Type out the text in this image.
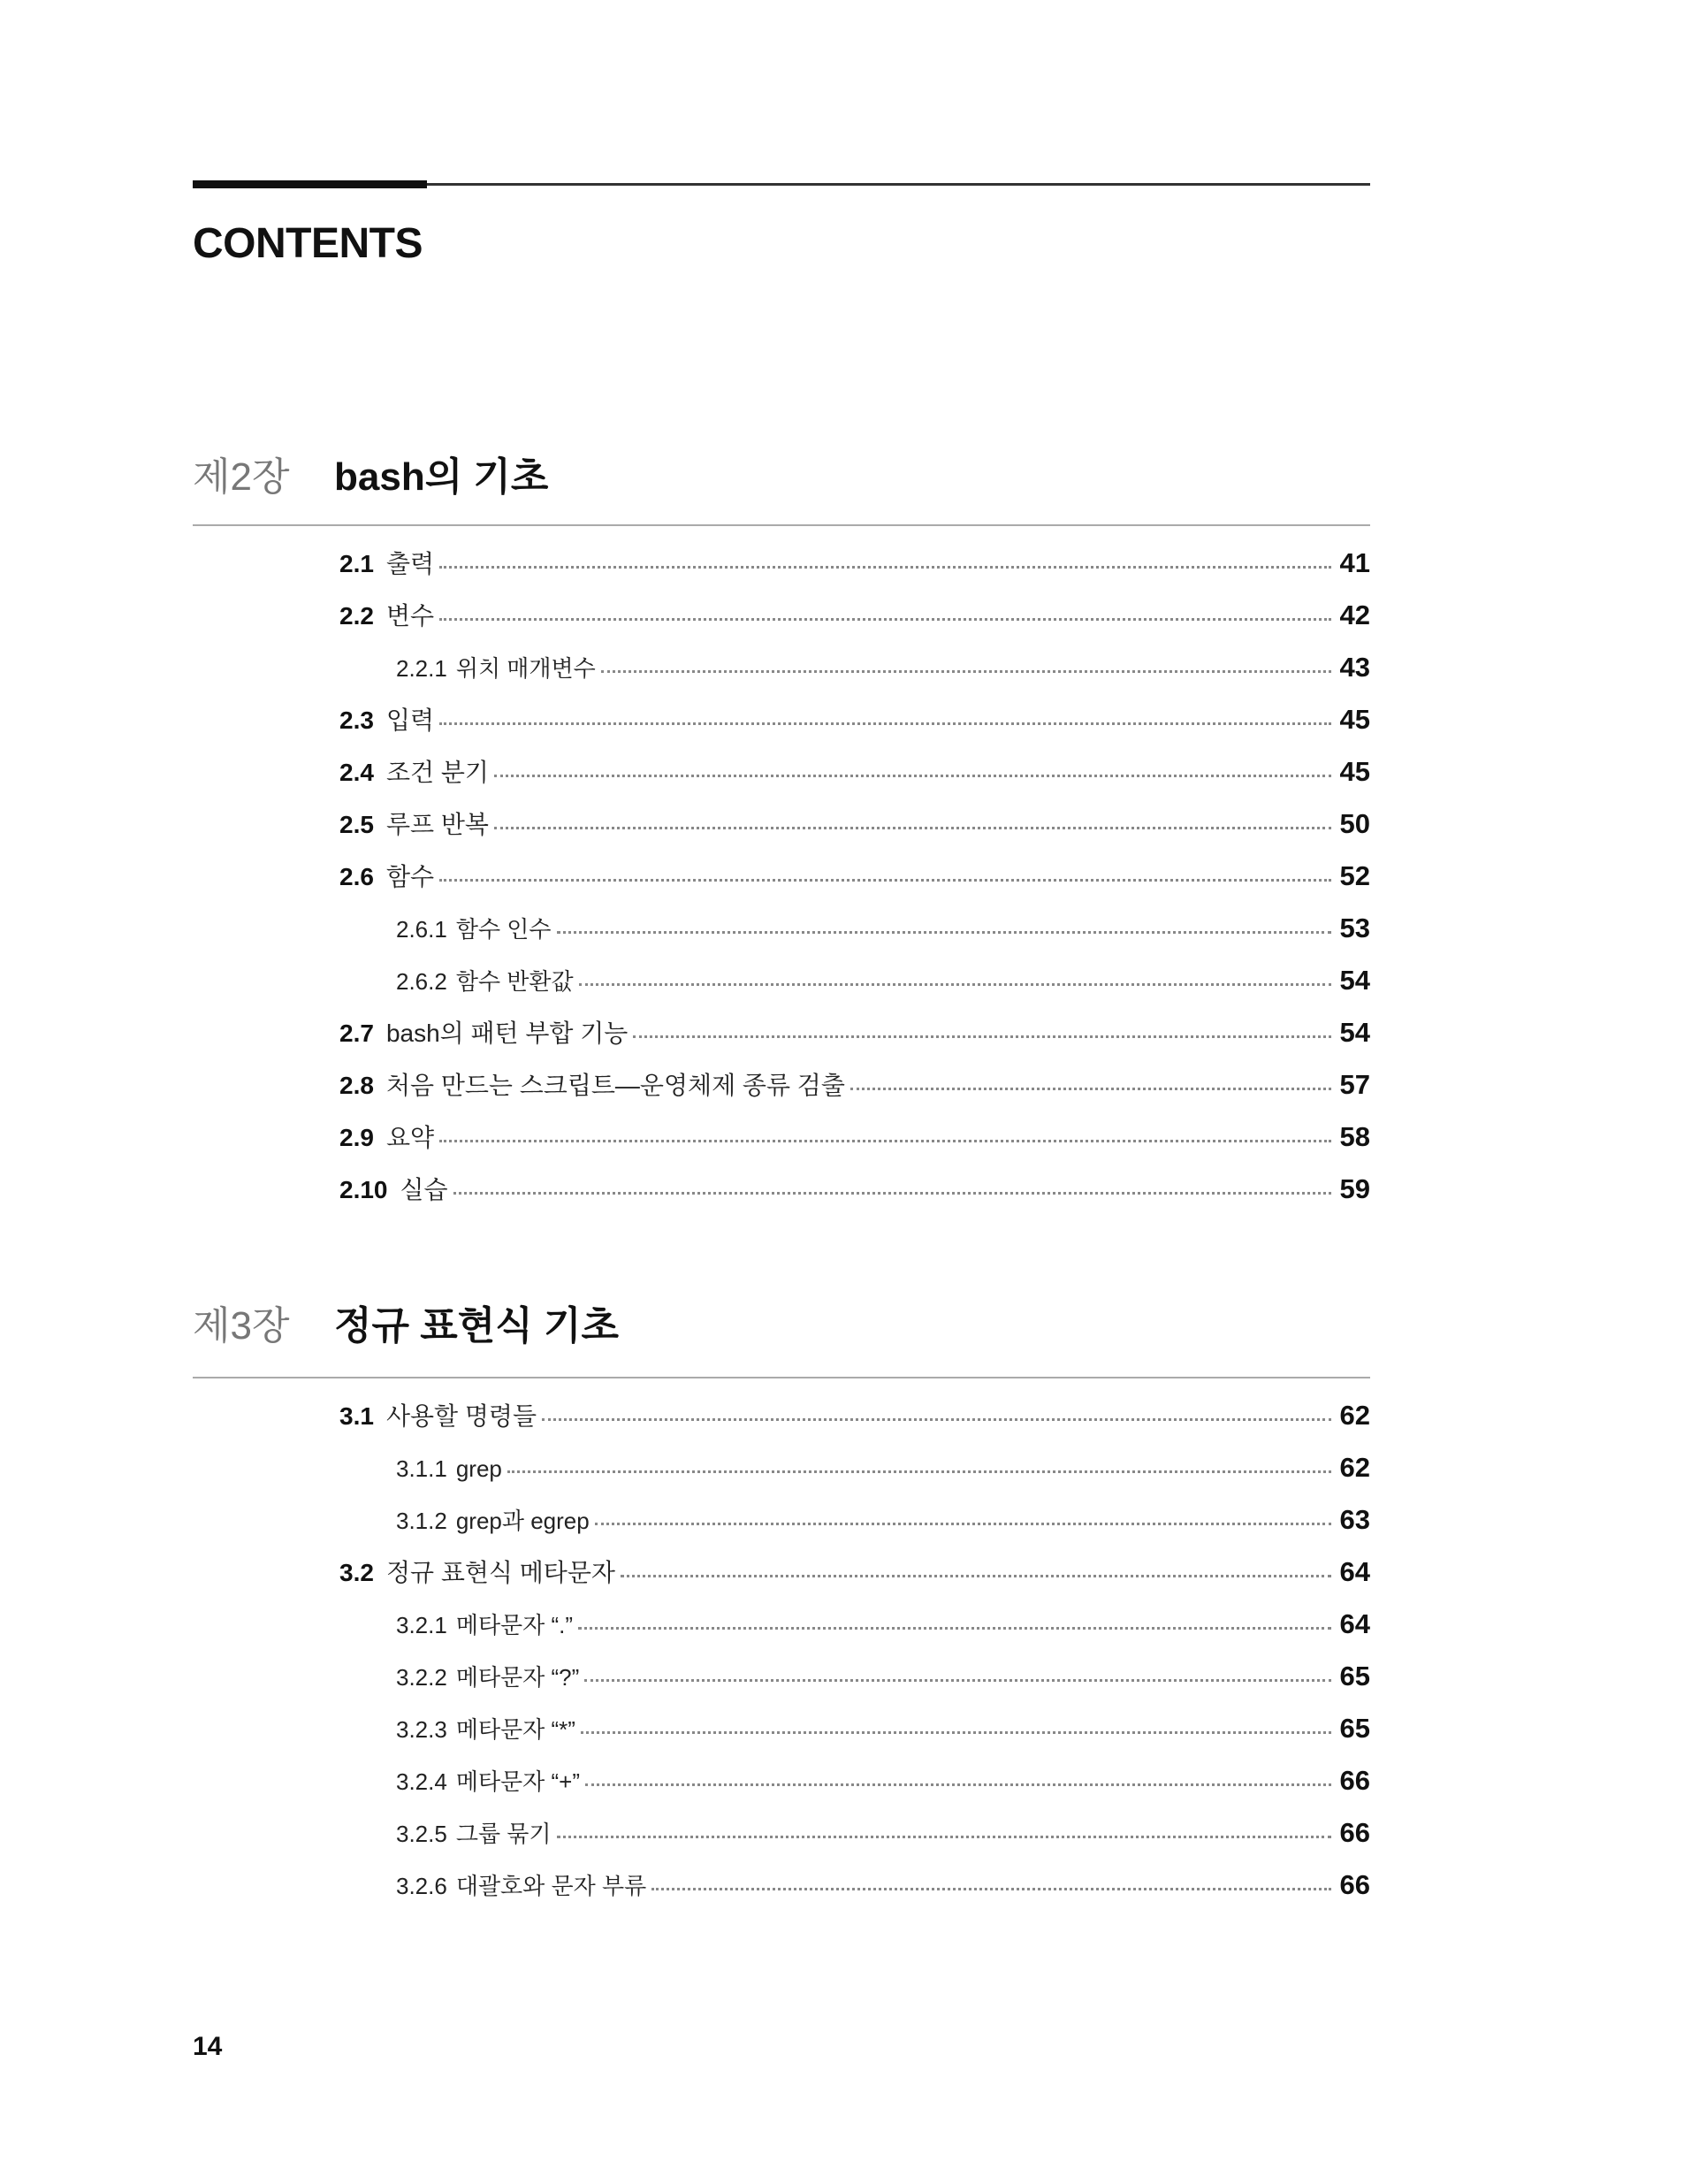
CONTENTS
제2장 bash의 기초
2.1 출력	41
2.2 변수	42
2.2.1 위치 매개변수	43
2.3 입력	45
2.4 조건 분기	45
2.5 루프 반복	50
2.6 함수	52
2.6.1 함수 인수	53
2.6.2 함수 반환값	54
2.7 bash의 패턴 부합 기능	54
2.8 처음 만드는 스크립트—운영체제 종류 검출	57
2.9 요약	58
2.10 실습	59
제3장 정규 표현식 기초
3.1 사용할 명령들	62
3.1.1 grep	62
3.1.2 grep과 egrep	63
3.2 정규 표현식 메타문자	64
3.2.1 메타문자 “.”	64
3.2.2 메타문자 “?”	65
3.2.3 메타문자 “*”	65
3.2.4 메타문자 “+”	66
3.2.5 그룹 묶기	66
3.2.6 대괄호와 문자 부류	66
14
